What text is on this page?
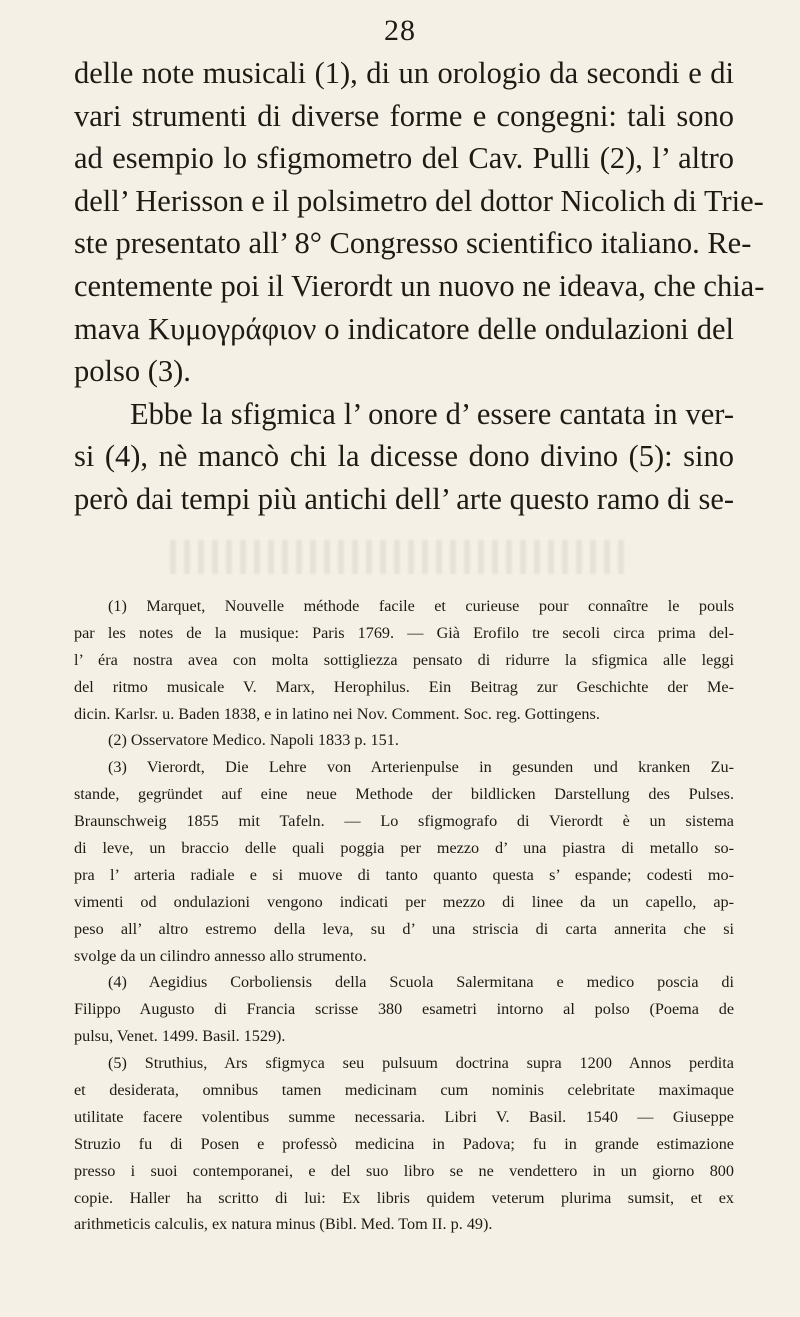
28
delle note musicali (1), di un orologio da secondi e di
vari strumenti di diverse forme e congegni: tali sono
ad esempio lo sfigmometro del Cav. Pulli (2), l’ altro
dell’ Herisson e il polsimetro del dottor Nicolich di Trie-
ste presentato all’ 8° Congresso scientifico italiano. Re-
centemente poi il Vierordt un nuovo ne ideava, che chia-
mava Κυμογράφιον o indicatore delle ondulazioni del
polso (3).
Ebbe la sfigmica l’ onore d’ essere cantata in ver-
si (4), nè mancò chi la dicesse dono divino (5): sino
però dai tempi più antichi dell’ arte questo ramo di se-
(1) Marquet, Nouvelle méthode facile et curieuse pour connaître le pouls
par les notes de la musique: Paris 1769. — Già Erofilo tre secoli circa prima del-
l’ éra nostra avea con molta sottigliezza pensato di ridurre la sfigmica alle leggi
del ritmo musicale V. Marx, Herophilus. Ein Beitrag zur Geschichte der Me-
dicin. Karlsr. u. Baden 1838, e in latino nei Nov. Comment. Soc. reg. Gottingens.
(2) Osservatore Medico. Napoli 1833 p. 151.
(3) Vierordt, Die Lehre von Arterienpulse in gesunden und kranken Zu-
stande, gegründet auf eine neue Methode der bildlicken Darstellung des Pulses.
Braunschweig 1855 mit Tafeln. — Lo sfigmografo di Vierordt è un sistema
di leve, un braccio delle quali poggia per mezzo d’ una piastra di metallo so-
pra l’ arteria radiale e si muove di tanto quanto questa s’ espande; codesti mo-
vimenti od ondulazioni vengono indicati per mezzo di linee da un capello, ap-
peso all’ altro estremo della leva, su d’ una striscia di carta annerita che si
svolge da un cilindro annesso allo strumento.
(4) Aegidius Corboliensis della Scuola Salermitana e medico poscia di
Filippo Augusto di Francia scrisse 380 esametri intorno al polso (Poema de
pulsu, Venet. 1499. Basil. 1529).
(5) Struthius, Ars sfigmyca seu pulsuum doctrina supra 1200 Annos perdita
et desiderata, omnibus tamen medicinam cum nominis celebritate maximaque
utilitate facere volentibus summe necessaria. Libri V. Basil. 1540 — Giuseppe
Struzio fu di Posen e professò medicina in Padova; fu in grande estimazione
presso i suoi contemporanei, e del suo libro se ne vendettero in un giorno 800
copie. Haller ha scritto di lui: Ex libris quidem veterum plurima sumsit, et ex
arithmeticis calculis, ex natura minus (Bibl. Med. Tom II. p. 49).
